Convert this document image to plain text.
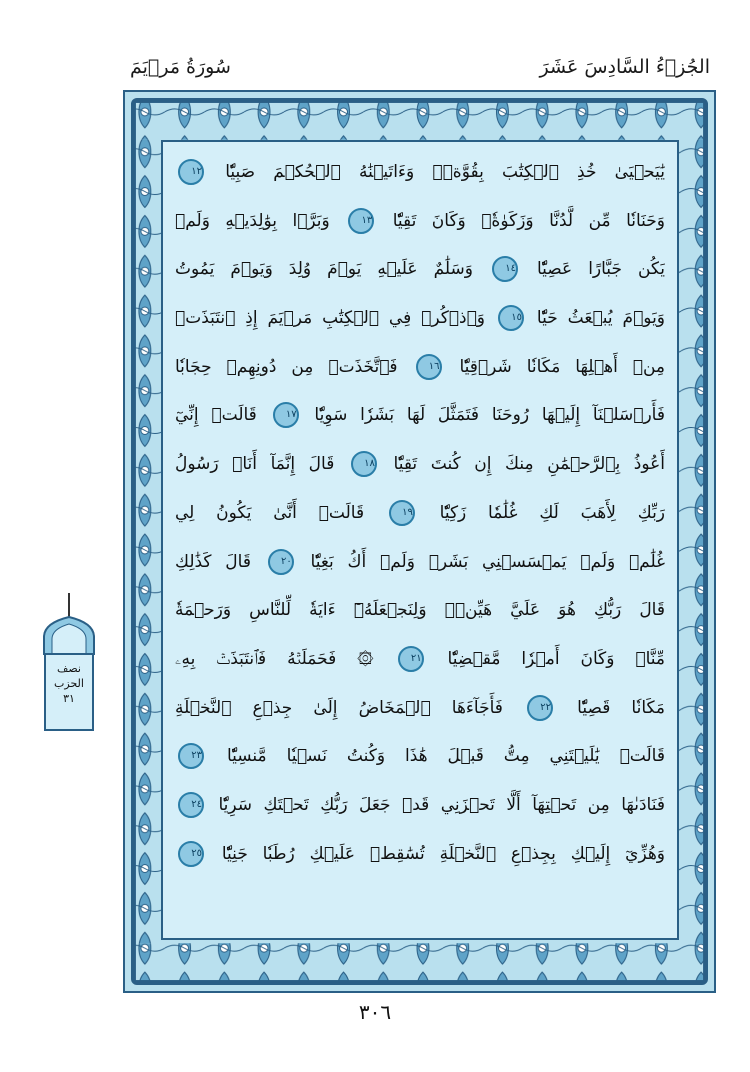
سُورَةُ مَرۡيَمَ	الجُزۡءُ السَّادِسَ عَشَرَ
يَٰيَحۡيَىٰ خُذِ ٱلۡكِتَٰبَ بِقُوَّةٖۖ وَءَاتَيۡنَٰهُ ٱلۡحُكۡمَ صَبِيّٗا ١٢
وَحَنَانٗا مِّن لَّدُنَّا وَزَكَوٰةٗۖ وَكَانَ تَقِيّٗا ١٣ وَبَرَّۢا بِوَٰلِدَيۡهِ وَلَمۡ
يَكُن جَبَّارًا عَصِيّٗا ١٤ وَسَلَٰمٌ عَلَيۡهِ يَوۡمَ وُلِدَ وَيَوۡمَ يَمُوتُ
وَيَوۡمَ يُبۡعَثُ حَيّٗا ١٥ وَٱذۡكُرۡ فِي ٱلۡكِتَٰبِ مَرۡيَمَ إِذِ ٱنتَبَذَتۡ
مِنۡ أَهۡلِهَا مَكَانٗا شَرۡقِيّٗا ١٦ فَٱتَّخَذَتۡ مِن دُونِهِمۡ حِجَابٗا
فَأَرۡسَلۡنَآ إِلَيۡهَا رُوحَنَا فَتَمَثَّلَ لَهَا بَشَرٗا سَوِيّٗا ١٧ قَالَتۡ إِنِّيٓ
أَعُوذُ بِٱلرَّحۡمَٰنِ مِنكَ إِن كُنتَ تَقِيّٗا ١٨ قَالَ إِنَّمَآ أَنَا۠ رَسُولُ
رَبِّكِ لِأَهَبَ لَكِ غُلَٰمٗا زَكِيّٗا ١٩ قَالَتۡ أَنَّىٰ يَكُونُ لِي
غُلَٰمٞ وَلَمۡ يَمۡسَسۡنِي بَشَرٞ وَلَمۡ أَكُ بَغِيّٗا ٢٠ قَالَ كَذَٰلِكِ
قَالَ رَبُّكِ هُوَ عَلَيَّ هَيِّنٞۖ وَلِنَجۡعَلَهُۥٓ ءَايَةٗ لِّلنَّاسِ وَرَحۡمَةٗ
مِّنَّاۚ وَكَانَ أَمۡرٗا مَّقۡضِيّٗا ٢١ ۞ فَحَمَلَتۡهُ فَٱنتَبَذَتۡ بِهِۦ
مَكَانٗا قَصِيّٗا ٢٢ فَأَجَآءَهَا ٱلۡمَخَاضُ إِلَىٰ جِذۡعِ ٱلنَّخۡلَةِ
قَالَتۡ يَٰلَيۡتَنِي مِتُّ قَبۡلَ هَٰذَا وَكُنتُ نَسۡيٗا مَّنسِيّٗا ٢٣
فَنَادَىٰهَا مِن تَحۡتِهَآ أَلَّا تَحۡزَنِي قَدۡ جَعَلَ رَبُّكِ تَحۡتَكِ سَرِيّٗا ٢٤
وَهُزِّيٓ إِلَيۡكِ بِجِذۡعِ ٱلنَّخۡلَةِ تُسَٰقِطۡ عَلَيۡكِ رُطَبٗا جَنِيّٗا ٢٥
نصف
الحزب
٣١
٣٠٦
